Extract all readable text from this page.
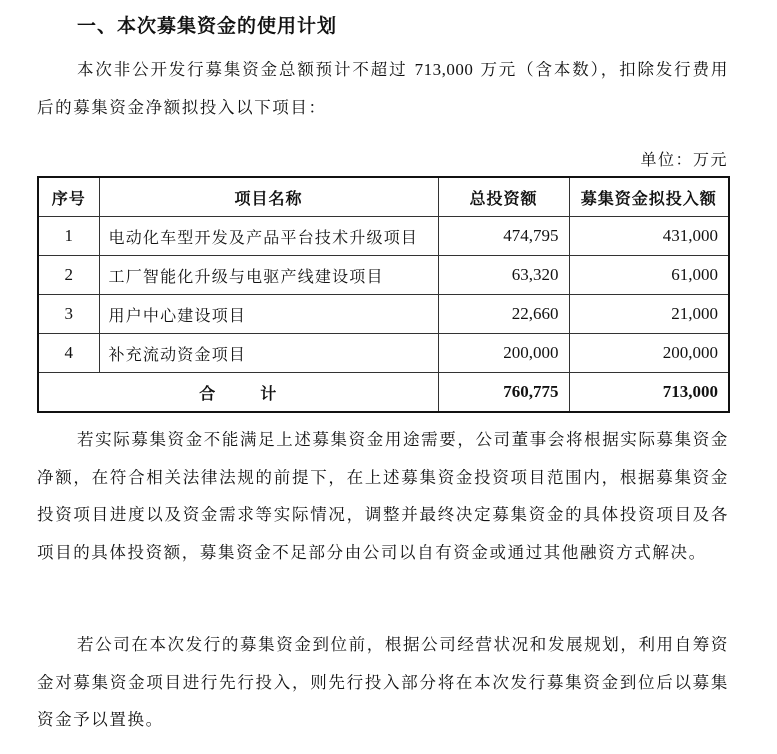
一、本次募集资金的使用计划
本次非公开发行募集资金总额预计不超过 713,000 万元（含本数），扣除发行费用后的募集资金净额拟投入以下项目：
单位：万元
序号	项目名称	总投资额	募集资金拟投入额
1	电动化车型开发及产品平台技术升级项目	474,795	431,000
2	工厂智能化升级与电驱产线建设项目	63,320	61,000
3	用户中心建设项目	22,660	21,000
4	补充流动资金项目	200,000	200,000
合 计		760,775	713,000
若实际募集资金不能满足上述募集资金用途需要，公司董事会将根据实际募集资金净额，在符合相关法律法规的前提下，在上述募集资金投资项目范围内，根据募集资金投资项目进度以及资金需求等实际情况，调整并最终决定募集资金的具体投资项目及各项目的具体投资额，募集资金不足部分由公司以自有资金或通过其他融资方式解决。
若公司在本次发行的募集资金到位前，根据公司经营状况和发展规划，利用自筹资金对募集资金项目进行先行投入，则先行投入部分将在本次发行募集资金到位后以募集资金予以置换。
